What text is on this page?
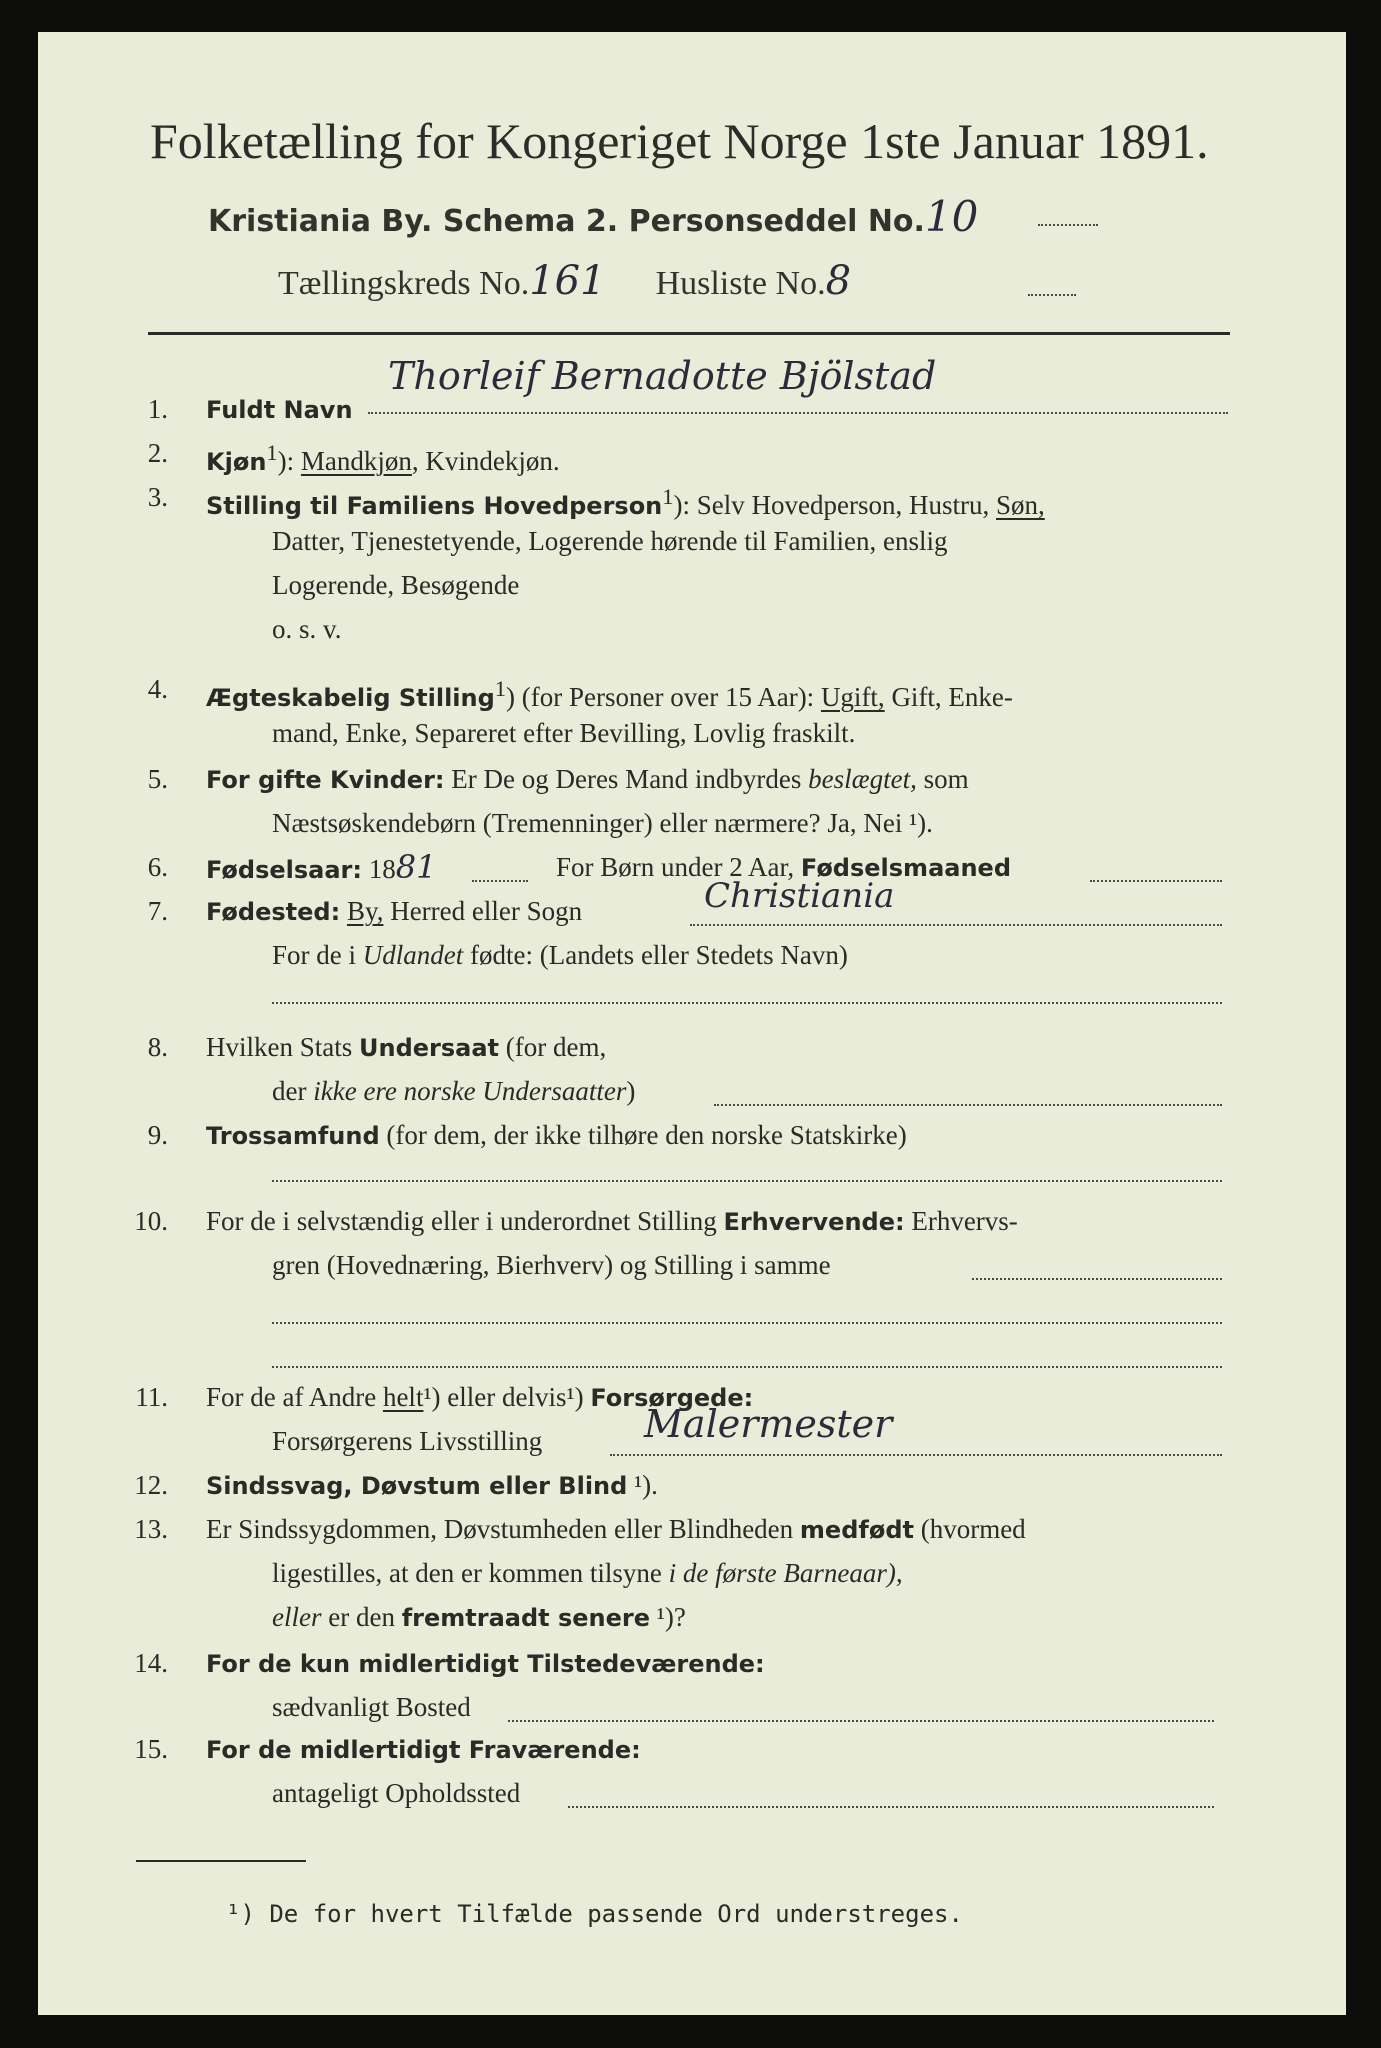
Folketælling for Kongeriget Norge 1ste Januar 1891.
Kristiania By. Schema 2. Personseddel No.10
Tællingskreds No.161 Husliste No.8
1. Fuldt Navn
Thorleif Bernadotte Bjölstad
2. Kjøn$^1$): Mandkjøn, Kvindekjøn.
3. Stilling til Familiens Hovedperson$^1$): Selv Hovedperson, Hustru, Søn,
Datter, Tjenestetyende, Logerende hørende til Familien, enslig
Logerende, Besøgende
o. s. v.
4. Ægteskabelig Stilling$^1$) (for Personer over 15 Aar): Ugift, Gift, Enke-
mand, Enke, Separeret efter Bevilling, Lovlig fraskilt.
5. For gifte Kvinder: Er De og Deres Mand indbyrdes beslægtet, som
Næstsøskendebørn (Tremenninger) eller nærmere? Ja, Nei ¹).
6. Fødselsaar: 1881	For Børn under 2 Aar, Fødselsmaaned
7. Fødested: By, Herred eller Sogn	Christiania
For de i Udlandet fødte: (Landets eller Stedets Navn)
8. Hvilken Stats Undersaat (for dem,
der ikke ere norske Undersaatter)
9. Trossamfund (for dem, der ikke tilhøre den norske Statskirke)
10. For de i selvstændig eller i underordnet Stilling Erhvervende: Erhvervs-
gren (Hovednæring, Bierhverv) og Stilling i samme
11. For de af Andre helt¹) eller delvis¹) Forsørgede:
Forsørgerens Livsstilling	Malermester
12. Sindssvag, Døvstum eller Blind ¹).
13. Er Sindssygdommen, Døvstumheden eller Blindheden medfødt (hvormed
ligestilles, at den er kommen tilsyne i de første Barneaar),
eller er den fremtraadt senere ¹)?
14. For de kun midlertidigt Tilstedeværende:
sædvanligt Bosted
15. For de midlertidigt Fraværende:
antageligt Opholdssted
¹) De for hvert Tilfælde passende Ord understreges.
